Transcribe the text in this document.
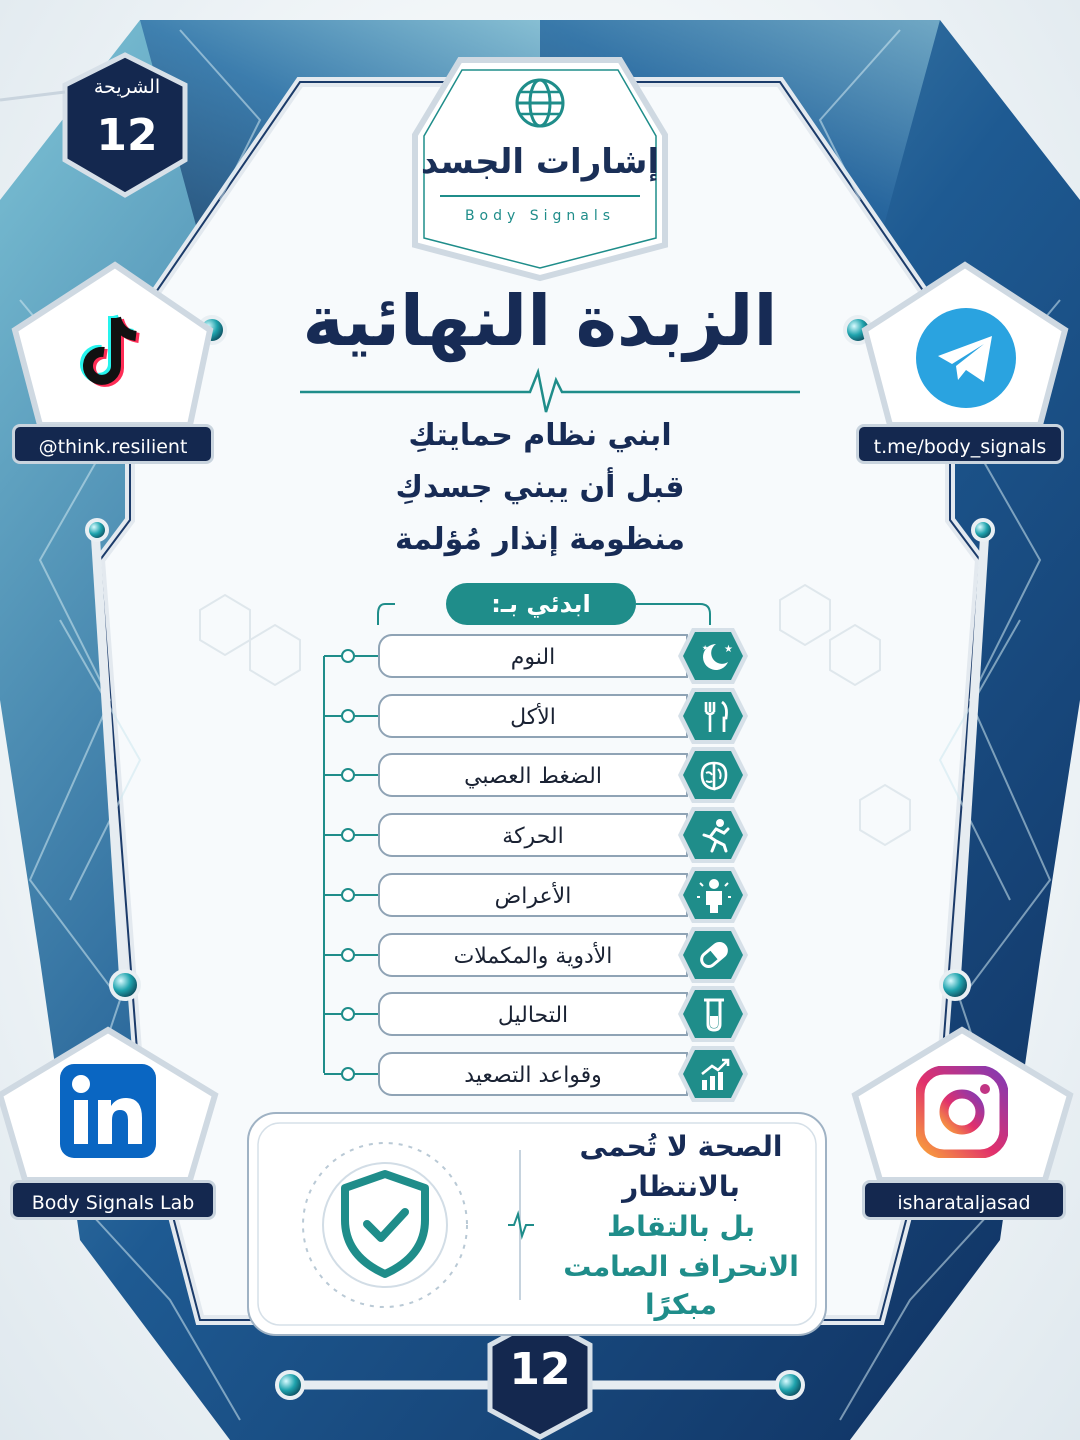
الشريحة
12
إشارات الجسد
Body Signals
الزبدة النهائية
ابني نظام حمايتكِ
قبل أن يبني جسدكِ
منظومة إنذار مُؤلمة
ابدئي بـ:
النوم	★
★
الأكل
الضغط العصبي
الحركة
الأعراض
الأدوية والمكملات
التحاليل
وقواعد التصعيد
@think.resilient	t.me/body_signals
Body Signals Lab	isharataljasad
الصحة لا تُحمى
بالانتظار
بل بالتقاط
الانحراف الصامت
مبكرًا
12
